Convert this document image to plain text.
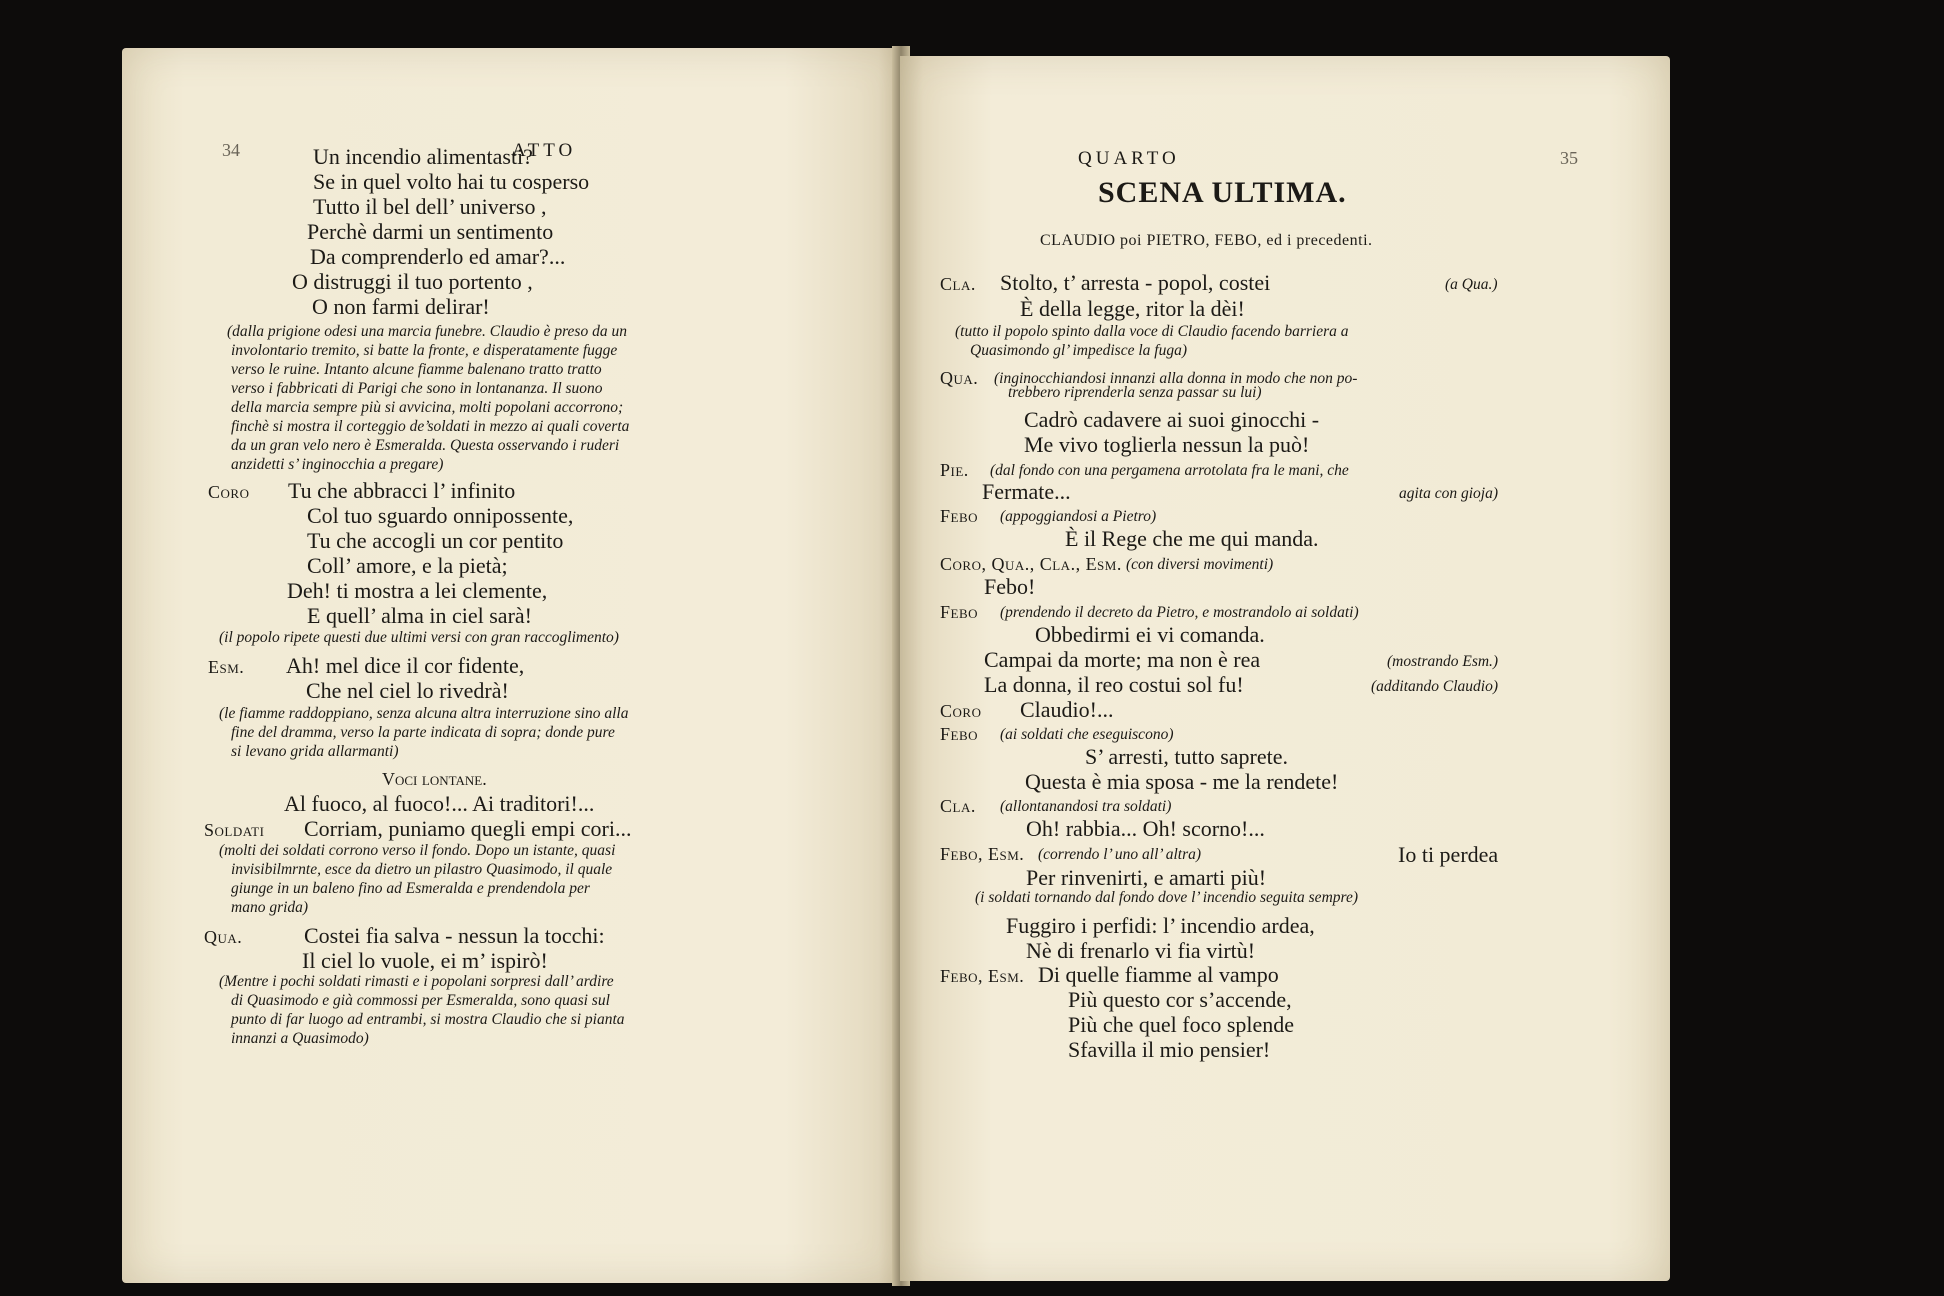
34	ATTO
Un incendio alimentasti?
Se in quel volto hai tu cosperso
Tutto il bel dell’ universo ,
Perchè darmi un sentimento
Da comprenderlo ed amar?...
O distruggi il tuo portento ,
O non farmi delirar!
(dalla prigione odesi una marcia funebre. Claudio è preso da un
involontario tremito, si batte la fronte, e disperatamente fugge
verso le ruine. Intanto alcune fiamme balenano tratto tratto
verso i fabbricati di Parigi che sono in lontananza. Il suono
della marcia sempre più si avvicina, molti popolani accorrono;
finchè si mostra il corteggio de’soldati in mezzo ai quali coverta
da un gran velo nero è Esmeralda. Questa osservando i ruderi
anzidetti s’ inginocchia a pregare)
Coro Tu che abbracci l’ infinito
Col tuo sguardo onnipossente,
Tu che accogli un cor pentito
Coll’ amore, e la pietà;
Deh! ti mostra a lei clemente,
E quell’ alma in ciel sarà!
(il popolo ripete questi due ultimi versi con gran raccoglimento)
Esm. Ah! mel dice il cor fidente,
Che nel ciel lo rivedrà!
(le fiamme raddoppiano, senza alcuna altra interruzione sino alla
fine del dramma, verso la parte indicata di sopra; donde pure
si levano grida allarmanti)
Voci lontane.
Al fuoco, al fuoco!... Ai traditori!...
Soldati Corriam, puniamo quegli empi cori...
(molti dei soldati corrono verso il fondo. Dopo un istante, quasi
invisibilmrnte, esce da dietro un pilastro Quasimodo, il quale
giunge in un baleno fino ad Esmeralda e prendendola per
mano grida)
Qua.	Costei fia salva - nessun la tocchi:
Il ciel lo vuole, ei m’ ispirò!
(Mentre i pochi soldati rimasti e i popolani sorpresi dall’ ardire
di Quasimodo e già commossi per Esmeralda, sono quasi sul
punto di far luogo ad entrambi, si mostra Claudio che si pianta
innanzi a Quasimodo)
QUARTO	35
SCENA ULTIMA.
CLAUDIO poi PIETRO, FEBO, ed i precedenti.
Cla. Stolto, t’ arresta - popol, costei	(a Qua.)
È della legge, ritor la dèi!
(tutto il popolo spinto dalla voce di Claudio facendo barriera a
Quasimondo gl’ impedisce la fuga)
Qua. (inginocchiandosi innanzi alla donna in modo che non po-
trebbero riprenderla senza passar su lui)
Cadrò cadavere ai suoi ginocchi -
Me vivo toglierla nessun la può!
Pie. (dal fondo con una pergamena arrotolata fra le mani, che
Fermate...	agita con gioja)
Febo (appoggiandosi a Pietro)
È il Rege che me qui manda.
Coro, Qua., Cla., Esm. (con diversi movimenti)
Febo!
Febo (prendendo il decreto da Pietro, e mostrandolo ai soldati)
Obbedirmi ei vi comanda.
Campai da morte; ma non è rea	(mostrando Esm.)
La donna, il reo costui sol fu!	(additando Claudio)
Coro Claudio!...
Febo (ai soldati che eseguiscono)
S’ arresti, tutto saprete.
Questa è mia sposa - me la rendete!
Cla. (allontanandosi tra soldati)
Oh! rabbia... Oh! scorno!...
Febo, Esm. (correndo l’ uno all’ altra)	Io ti perdea
Per rinvenirti, e amarti più!
(i soldati tornando dal fondo dove l’ incendio seguita sempre)
Fuggiro i perfidi: l’ incendio ardea,
Nè di frenarlo vi fia virtù!
Febo, Esm. Di quelle fiamme al vampo
Più questo cor s’accende,
Più che quel foco splende
Sfavilla il mio pensier!
